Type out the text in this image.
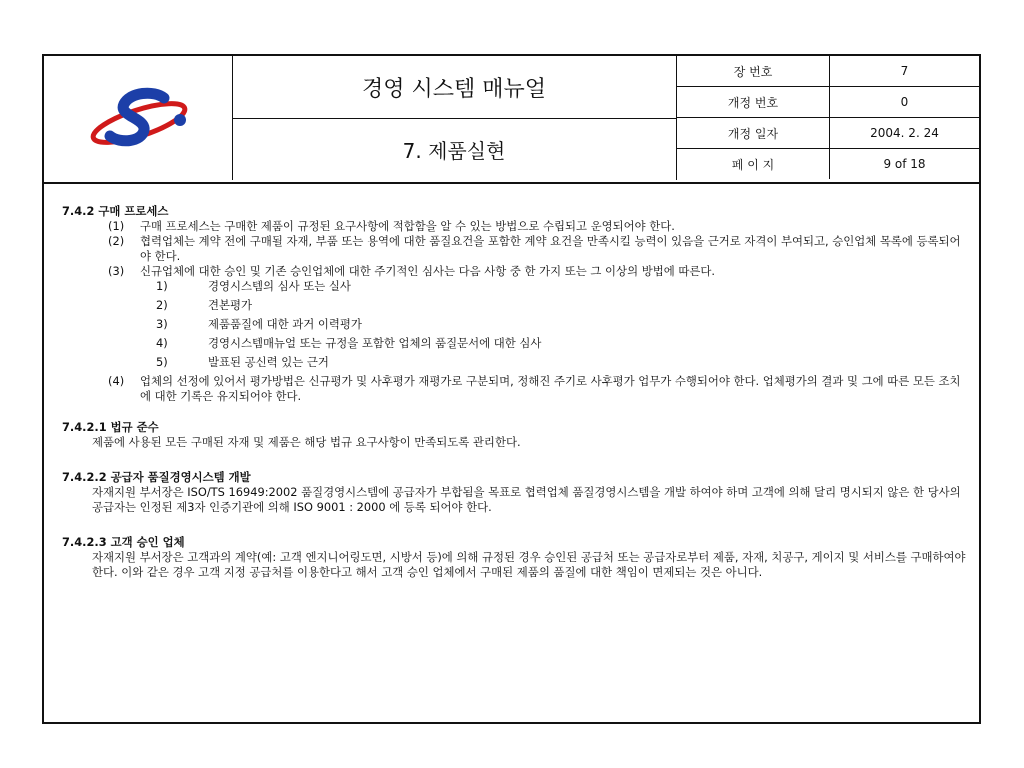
경영 시스템 매뉴얼
7. 제품실현
장 번호	7
개정 번호	0
개정 일자	2004. 2. 24
페 이 지	9 of 18
7.4.2 구매 프로세스
(1)	구매 프로세스는 구매한 제품이 규정된 요구사항에 적합함을 알 수 있는 방법으로 수립되고 운영되어야 한다.
(2)	협력업체는 계약 전에 구매될 자재, 부품 또는 용역에 대한 품질요건을 포함한 계약 요건을 만족시킬 능력이 있음을 근거로 자격이 부여되고, 승인업체 목록에 등록되어야 한다.
(3)	신규업체에 대한 승인 및 기존 승인업체에 대한 주기적인 심사는 다음 사항 중 한 가지 또는 그 이상의 방법에 따른다.
1)	경영시스템의 심사 또는 실사
2)	견본평가
3)	제품품질에 대한 과거 이력평가
4)	경영시스템매뉴얼 또는 규정을 포함한 업체의 품질문서에 대한 심사
5)	발표된 공신력 있는 근거
(4)	업체의 선정에 있어서 평가방법은 신규평가 및 사후평가 재평가로 구분되며, 정해진 주기로 사후평가 업무가 수행되어야 한다. 업체평가의 결과 및 그에 따른 모든 조치에 대한 기록은 유지되어야 한다.
7.4.2.1 법규 준수
제품에 사용된 모든 구매된 자재 및 제품은 해당 법규 요구사항이 만족되도록 관리한다.
7.4.2.2 공급자 품질경영시스템 개발
자재지원 부서장은 ISO/TS 16949:2002 품질경영시스템에 공급자가 부합됨을 목표로 협력업체 품질경영시스템을 개발 하여야 하며 고객에 의해 달리 명시되지 않은 한 당사의 공급자는 인정된 제3자 인증기관에 의해 ISO 9001 : 2000 에 등록 되어야 한다.
7.4.2.3 고객 승인 업체
자재지원 부서장은 고객과의 계약(예: 고객 엔지니어링도면, 시방서 등)에 의해 규정된 경우 승인된 공급처 또는 공급자로부터 제품, 자재, 치공구, 게이지 및 서비스를 구매하여야 한다. 이와 같은 경우 고객 지정 공급처를 이용한다고 해서 고객 승인 업체에서 구매된 제품의 품질에 대한 책임이 면제되는 것은 아니다.
